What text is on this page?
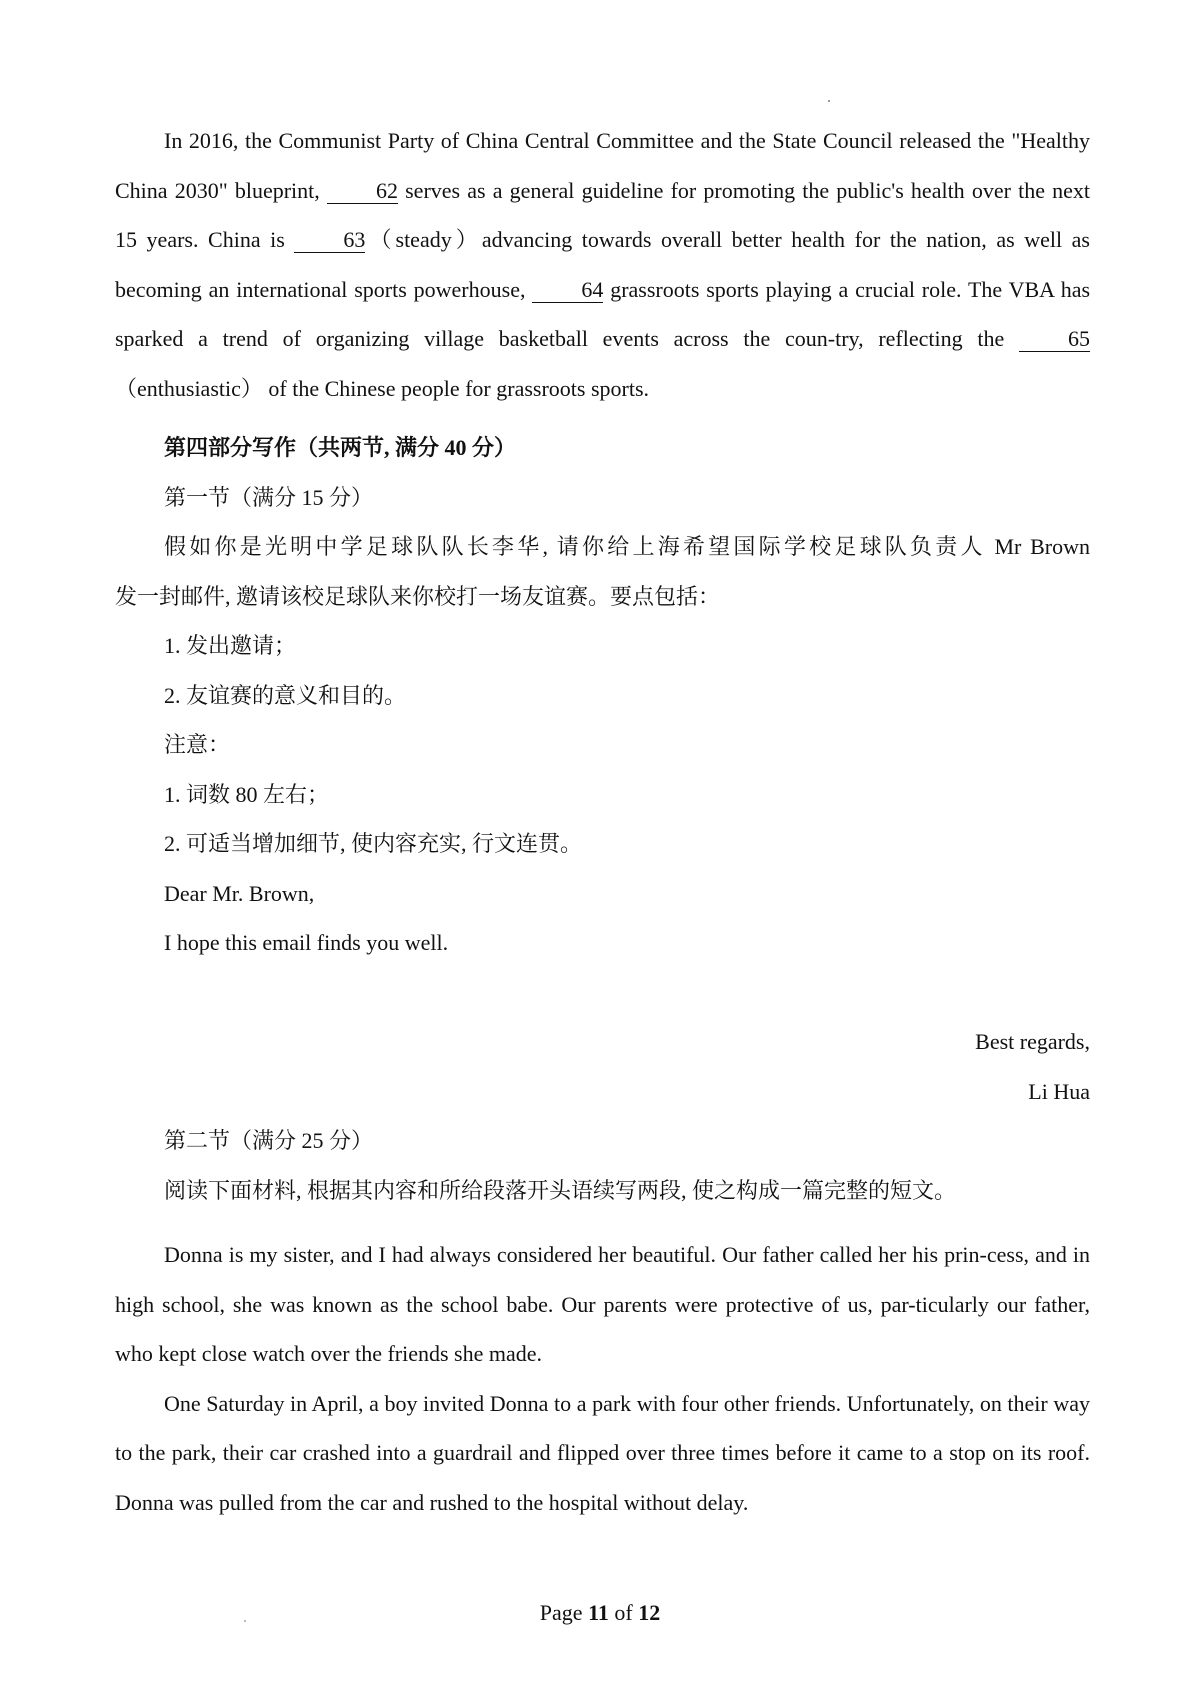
In 2016, the Communist Party of China Central Committee and the State Council released the "Healthy China 2030" blueprint,	62 serves as a general guideline for promoting the public's health over the next 15 years. China is	63（steady）advancing towards overall better health for the nation, as well as becoming an international sports powerhouse,	64 grassroots sports playing a crucial role. The VBA has sparked a trend of organizing village basketball events across the coun-try, reflecting the	65 （enthusiastic） of the Chinese people for grassroots sports.

第四部分写作（共两节, 满分 40 分）
第一节（满分 15 分）
假如你是光明中学足球队队长李华, 请你给上海希望国际学校足球队负责人 Mr Brown
发一封邮件, 邀请该校足球队来你校打一场友谊赛。要点包括：
1. 发出邀请；
2. 友谊赛的意义和目的。
注意：
1. 词数 80 左右；
2. 可适当增加细节, 使内容充实, 行文连贯。
Dear Mr. Brown,
I hope this email finds you well.
Best regards,
Li Hua
第二节（满分 25 分）
阅读下面材料, 根据其内容和所给段落开头语续写两段, 使之构成一篇完整的短文。

Donna is my sister, and I had always considered her beautiful. Our father called her his prin-cess, and in high school, she was known as the school babe. Our parents were protective of us, par-ticularly our father, who kept close watch over the friends she made.

One Saturday in April, a boy invited Donna to a park with four other friends. Unfortunately, on their way to the park, their car crashed into a guardrail and flipped over three times before it came to a stop on its roof. Donna was pulled from the car and rushed to the hospital without delay.

Page 11 of 12
